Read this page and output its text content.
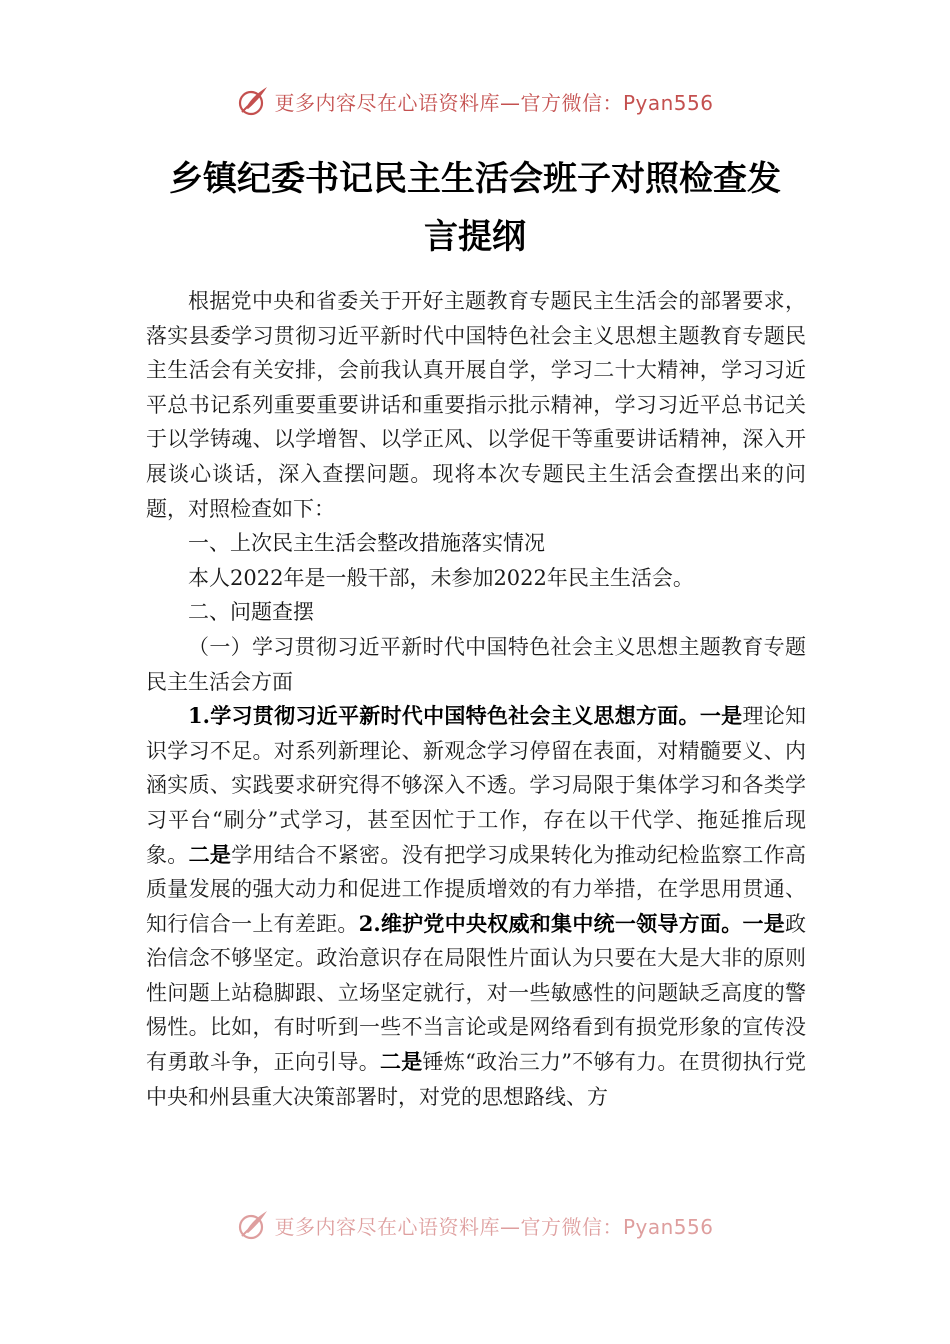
更多内容尽在心语资料库—官方微信：Pyan556
乡镇纪委书记民主生活会班子对照检查发
言提纲

根据党中央和省委关于开好主题教育专题民主生活会的部署要求，落实县委学习贯彻习近平新时代中国特色社会主义思想主题教育专题民主生活会有关安排，会前我认真开展自学，学习二十大精神，学习习近平总书记系列重要重要讲话和重要指示批示精神，学习习近平总书记关于以学铸魂、以学增智、以学正风、以学促干等重要讲话精神，深入开展谈心谈话，深入查摆问题。现将本次专题民主生活会查摆出来的问题，对照检查如下：

一、上次民主生活会整改措施落实情况

本人2022年是一般干部，未参加2022年民主生活会。

二、问题查摆

（一）学习贯彻习近平新时代中国特色社会主义思想主题教育专题民主生活会方面

1.学习贯彻习近平新时代中国特色社会主义思想方面。一是理论知识学习不足。对系列新理论、新观念学习停留在表面，对精髓要义、内涵实质、实践要求研究得不够深入不透。学习局限于集体学习和各类学习平台“刷分”式学习，甚至因忙于工作，存在以干代学、拖延推后现象。二是学用结合不紧密。没有把学习成果转化为推动纪检监察工作高质量发展的强大动力和促进工作提质增效的有力举措，在学思用贯通、知行信合一上有差距。2.维护党中央权威和集中统一领导方面。一是政治信念不够坚定。政治意识存在局限性片面认为只要在大是大非的原则性问题上站稳脚跟、立场坚定就行，对一些敏感性的问题缺乏高度的警惕性。比如，有时听到一些不当言论或是网络看到有损党形象的宣传没有勇敢斗争，正向引导。二是锤炼“政治三力”不够有力。在贯彻执行党中央和州县重大决策部署时，对党的思想路线、方

更多内容尽在心语资料库—官方微信：Pyan556
